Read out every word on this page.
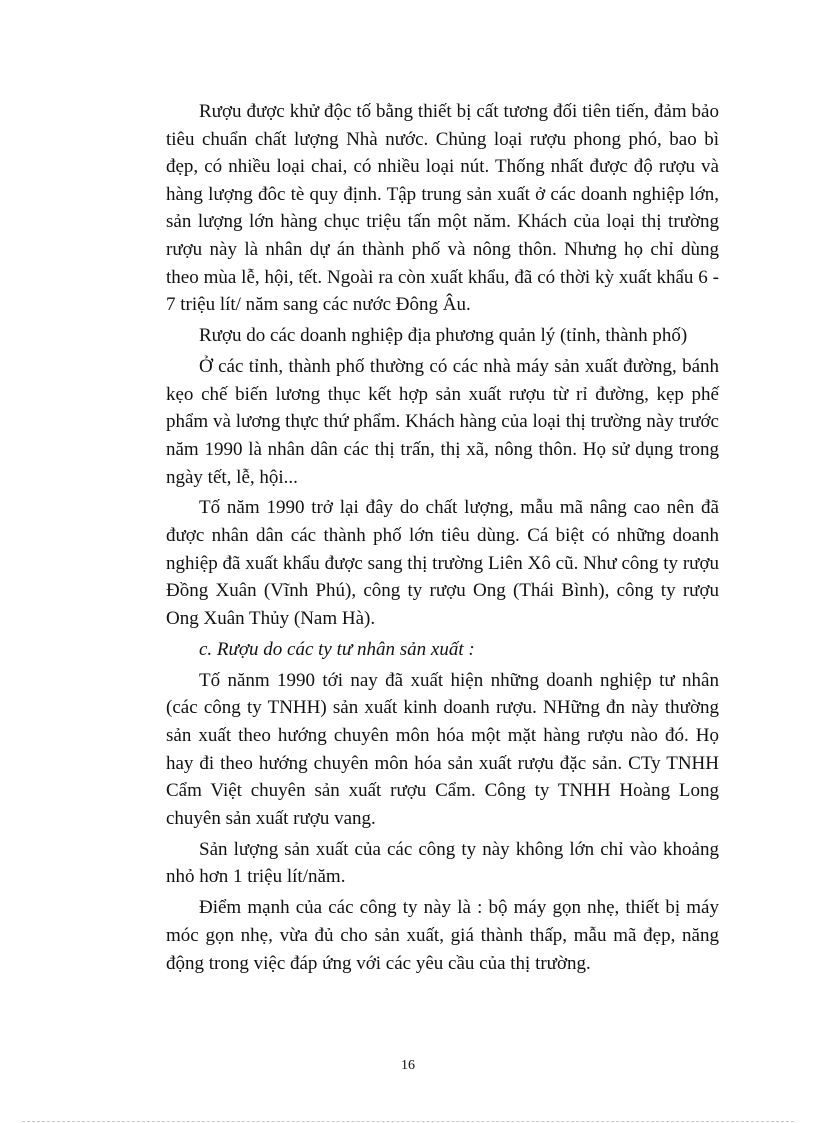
Rượu được khử độc tố bằng thiết bị cất tương đối tiên tiến, đảm bảo tiêu chuẩn chất lượng Nhà nước. Chủng loại rượu phong phó, bao bì đẹp, có nhiều loại chai, có nhiều loại nút. Thống nhất được độ rượu và hàng lượng đôc tè quy định. Tập trung sản xuất ở các doanh nghiệp lớn, sản lượng lớn hàng chục triệu tấn một năm. Khách của loại thị trường rượu này là nhân dự án thành phố và nông thôn. Nhưng họ chỉ dùng theo mùa lễ, hội, tết. Ngoài ra còn xuất khẩu, đã có thời kỳ xuất khẩu 6 - 7 triệu lít/ năm sang các nước Đông Âu.

Rượu do các doanh nghiệp địa phương quản lý (tỉnh, thành phố)

Ở các tỉnh, thành phố thường có các nhà máy sản xuất đường, bánh kẹo chế biến lương thục kết hợp sản xuất rượu từ rỉ đường, kẹp phế phẩm và lương thực thứ phẩm. Khách hàng của loại thị trường này trước năm 1990 là nhân dân các thị trấn, thị xã, nông thôn. Họ sử dụng trong ngày tết, lễ, hội...

Tố năm 1990 trở lại đây do chất lượng, mẫu mã nâng cao nên đã được nhân dân các thành phố lớn tiêu dùng. Cá biệt có những doanh nghiệp đã xuất khẩu được sang thị trường Liên Xô cũ. Như công ty rượu Đồng Xuân (Vĩnh Phú), công ty rượu Ong (Thái Bình), công ty rượu Ong Xuân Thủy (Nam Hà).

c. Rượu do các ty tư nhân sản xuất :

Tố nănm 1990 tới nay đã xuất hiện những doanh nghiệp tư nhân (các công ty TNHH) sản xuất kinh doanh rượu. NHững đn này thường sản xuất theo hướng chuyên môn hóa một mặt hàng rượu nào đó. Họ hay đi theo hướng chuyên môn hóa sản xuất rượu đặc sản. CTy TNHH Cẩm Việt chuyên sản xuất rượu Cẩm. Công ty TNHH Hoàng Long chuyên sản xuất rượu vang.

Sản lượng sản xuất của các công ty này không lớn chỉ vào khoảng nhỏ hơn 1 triệu lít/năm.

Điểm mạnh của các công ty này là : bộ máy gọn nhẹ, thiết bị máy móc gọn nhẹ, vừa đủ cho sản xuất, giá thành thấp, mẫu mã đẹp, năng động trong việc đáp ứng với các yêu cầu của thị trường.

16
